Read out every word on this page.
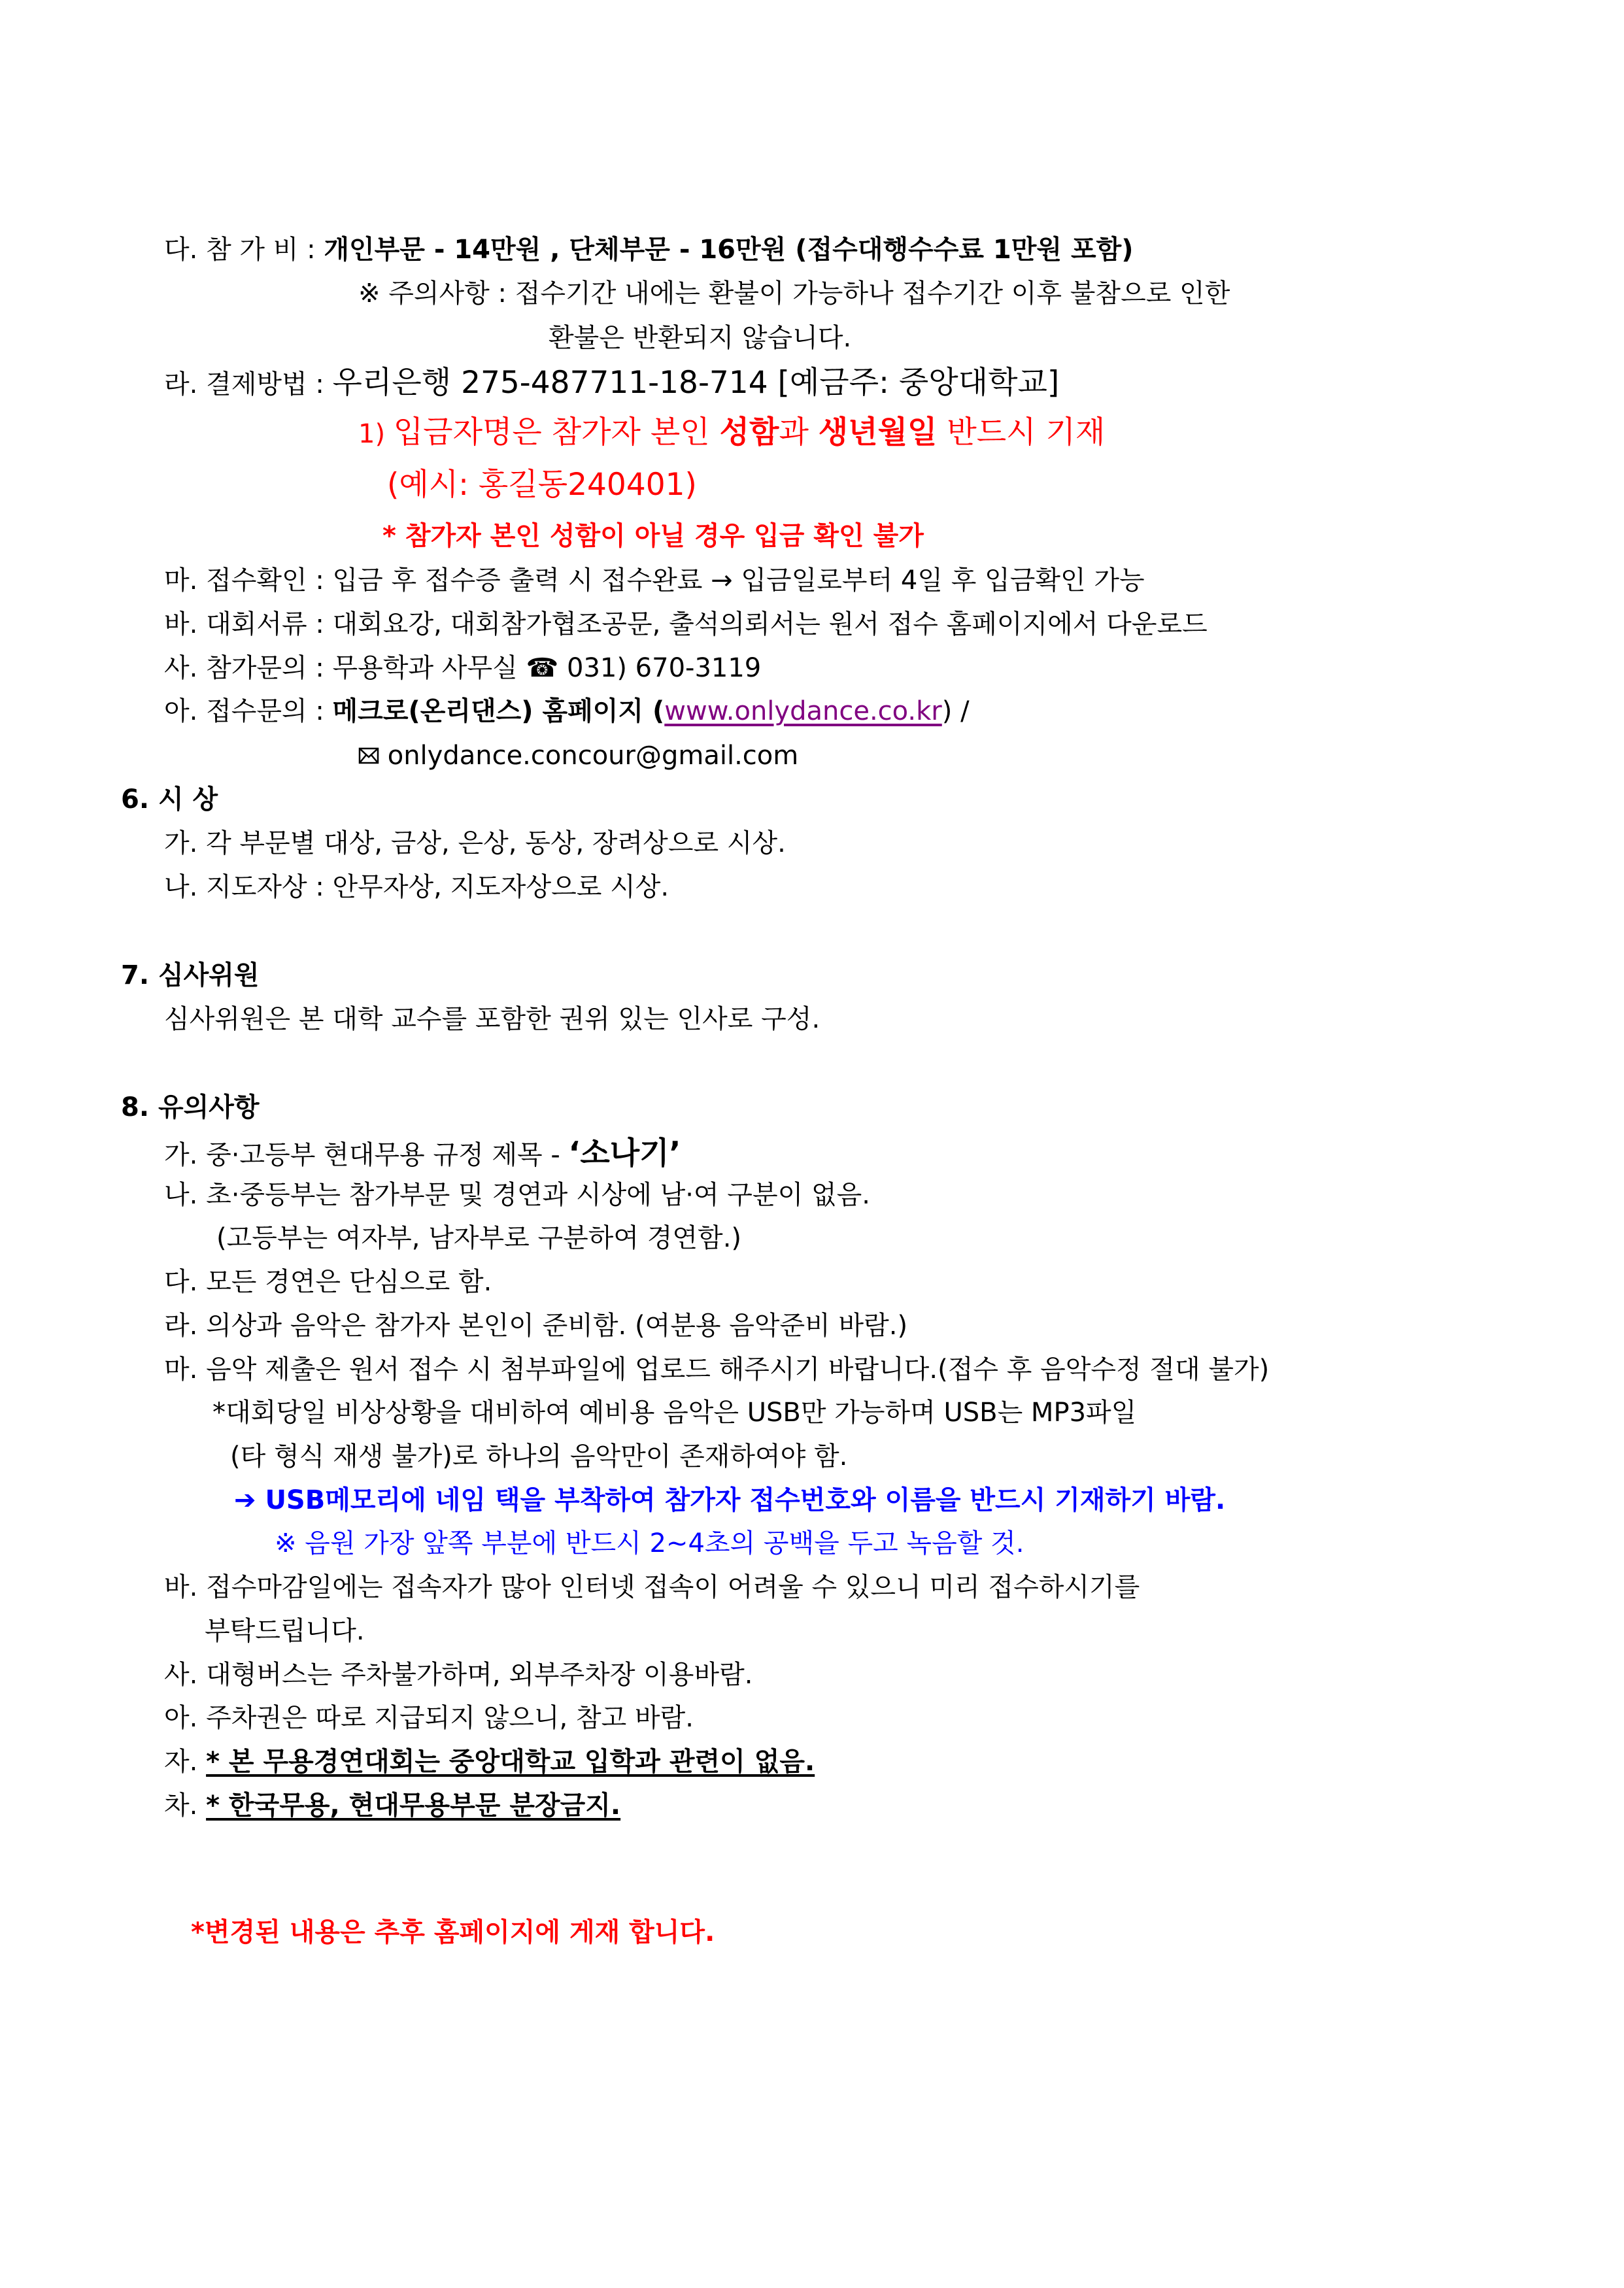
다. 참 가 비 : 개인부문 - 14만원 , 단체부문 - 16만원 (접수대행수수료 1만원 포함)
※ 주의사항 : 접수기간 내에는 환불이 가능하나 접수기간 이후 불참으로 인한
환불은 반환되지 않습니다.
라. 결제방법 : 우리은행 275-487711-18-714 [예금주: 중앙대학교]
1) 입금자명은 참가자 본인 성함과 생년월일 반드시 기재
(예시: 홍길동240401)
* 참가자 본인 성함이 아닐 경우 입금 확인 불가
마. 접수확인 : 입금 후 접수증 출력 시 접수완료 → 입금일로부터 4일 후 입금확인 가능
바. 대회서류 : 대회요강, 대회참가협조공문, 출석의뢰서는 원서 접수 홈페이지에서 다운로드
사. 참가문의 : 무용학과 사무실 ☎ 031) 670-3119
아. 접수문의 : 메크로(온리댄스) 홈페이지 (www.onlydance.co.kr) /
onlydance.concour@gmail.com
6. 시 상
가. 각 부문별 대상, 금상, 은상, 동상, 장려상으로 시상.
나. 지도자상 : 안무자상, 지도자상으로 시상.
7. 심사위원
심사위원은 본 대학 교수를 포함한 권위 있는 인사로 구성.
8. 유의사항
가. 중·고등부 현대무용 규정 제목 - ‘소나기’
나. 초·중등부는 참가부문 및 경연과 시상에 남·여 구분이 없음.
(고등부는 여자부, 남자부로 구분하여 경연함.)
다. 모든 경연은 단심으로 함.
라. 의상과 음악은 참가자 본인이 준비함. (여분용 음악준비 바람.)
마. 음악 제출은 원서 접수 시 첨부파일에 업로드 해주시기 바랍니다.(접수 후 음악수정 절대 불가)
*대회당일 비상상황을 대비하여 예비용 음악은 USB만 가능하며 USB는 MP3파일
(타 형식 재생 불가)로 하나의 음악만이 존재하여야 함.
➔ USB메모리에 네임 택을 부착하여 참가자 접수번호와 이름을 반드시 기재하기 바람.
※ 음원 가장 앞쪽 부분에 반드시 2~4초의 공백을 두고 녹음할 것.
바. 접수마감일에는 접속자가 많아 인터넷 접속이 어려울 수 있으니 미리 접수하시기를
부탁드립니다.
사. 대형버스는 주차불가하며, 외부주차장 이용바람.
아. 주차권은 따로 지급되지 않으니, 참고 바람.
자. * 본 무용경연대회는 중앙대학교 입학과 관련이 없음.
차. * 한국무용, 현대무용부문 분장금지.
*변경된 내용은 추후 홈페이지에 게재 합니다.
